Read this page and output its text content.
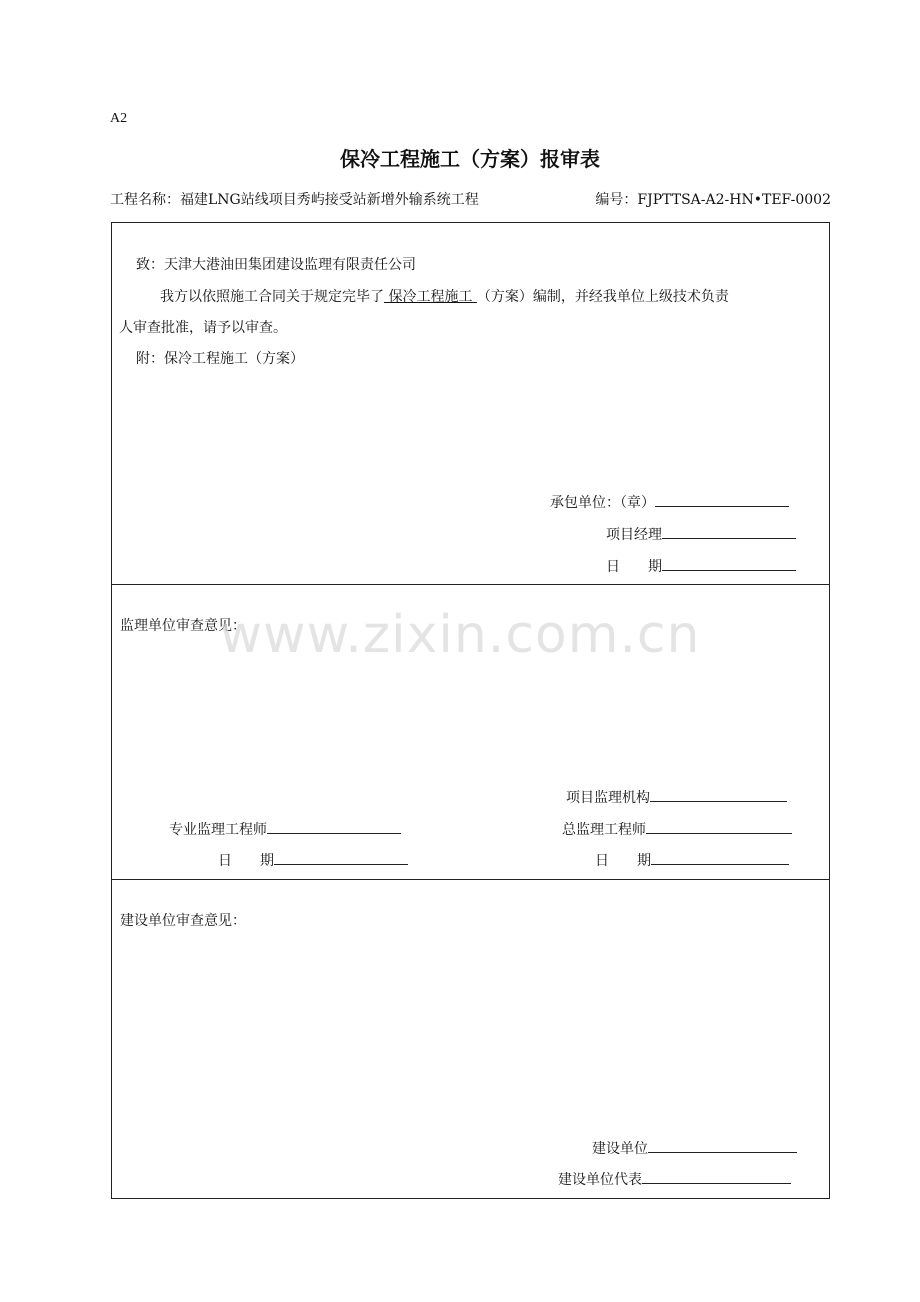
A2
保冷工程施工（方案）报审表
工程名称：福建LNG站线项目秀屿接受站新增外输系统工程	编号：FJPTTSA-A2-HN•TEF-0002
致：天津大港油田集团建设监理有限责任公司
我方以依照施工合同关于规定完毕了 保冷工程施工 （方案）编制，并经我单位上级技术负责
人审查批准，请予以审查。
附：保冷工程施工（方案）
承包单位：（章）
项目经理
日　　期
监理单位审查意见：
项目监理机构
专业监理工程师	总监理工程师
日　　期	日　　期
建设单位审查意见：
建设单位
建设单位代表
www.zixin.com.cn
